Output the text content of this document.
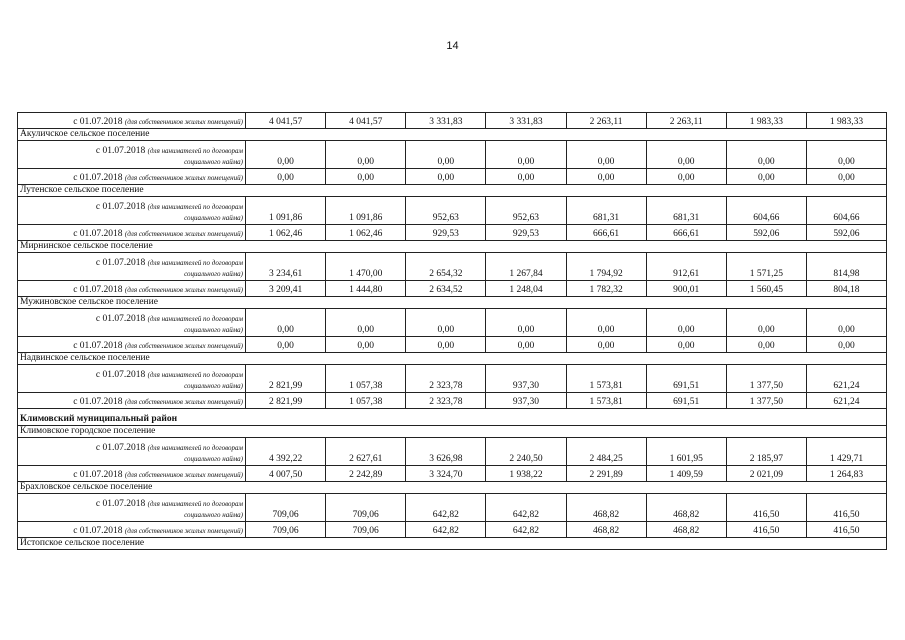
14
с 01.07.2018 (для собственников жилых помещений)	4 041,57	4 041,57	3 331,83	3 331,83	2 263,11	2 263,11	1 983,33	1 983,33
Акуличское сельское поселение								
с 01.07.2018 (для нанимателей по договорам
социального найма)	0,00	0,00	0,00	0,00	0,00	0,00	0,00	0,00
с 01.07.2018 (для собственников жилых помещений)	0,00	0,00	0,00	0,00	0,00	0,00	0,00	0,00
Лутенское сельское поселение								
с 01.07.2018 (для нанимателей по договорам
социального найма)	1 091,86	1 091,86	952,63	952,63	681,31	681,31	604,66	604,66
с 01.07.2018 (для собственников жилых помещений)	1 062,46	1 062,46	929,53	929,53	666,61	666,61	592,06	592,06
Мирнинское сельское поселение								
с 01.07.2018 (для нанимателей по договорам
социального найма)	3 234,61	1 470,00	2 654,32	1 267,84	1 794,92	912,61	1 571,25	814,98
с 01.07.2018 (для собственников жилых помещений)	3 209,41	1 444,80	2 634,52	1 248,04	1 782,32	900,01	1 560,45	804,18
Мужиновское сельское поселение								
с 01.07.2018 (для нанимателей по договорам
социального найма)	0,00	0,00	0,00	0,00	0,00	0,00	0,00	0,00
с 01.07.2018 (для собственников жилых помещений)	0,00	0,00	0,00	0,00	0,00	0,00	0,00	0,00
Надвинское сельское поселение								
с 01.07.2018 (для нанимателей по договорам
социального найма)	2 821,99	1 057,38	2 323,78	937,30	1 573,81	691,51	1 377,50	621,24
с 01.07.2018 (для собственников жилых помещений)	2 821,99	1 057,38	2 323,78	937,30	1 573,81	691,51	1 377,50	621,24
Климовский муниципальный район								
Климовское городское поселение								
с 01.07.2018 (для нанимателей по договорам
социального найма)	4 392,22	2 627,61	3 626,98	2 240,50	2 484,25	1 601,95	2 185,97	1 429,71
с 01.07.2018 (для собственников жилых помещений)	4 007,50	2 242,89	3 324,70	1 938,22	2 291,89	1 409,59	2 021,09	1 264,83
Брахловское сельское поселение								
с 01.07.2018 (для нанимателей по договорам
социального найма)	709,06	709,06	642,82	642,82	468,82	468,82	416,50	416,50
с 01.07.2018 (для собственников жилых помещений)	709,06	709,06	642,82	642,82	468,82	468,82	416,50	416,50
Истопское сельское поселение								
